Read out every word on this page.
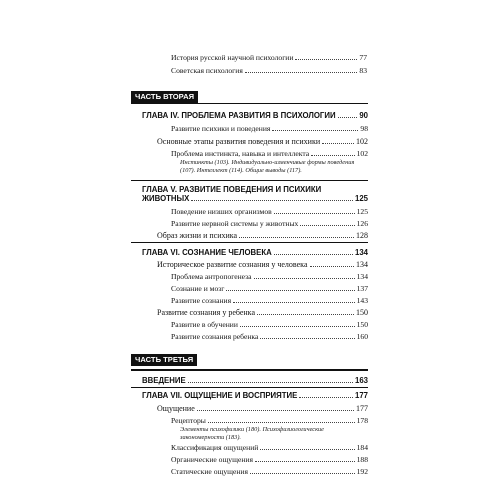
История русской научной психологии	77
Советская психология	83
ЧАСТЬ ВТОРАЯ
ГЛАВА IV. ПРОБЛЕМА РАЗВИТИЯ В ПСИХОЛОГИИ	90
Развитие психики и поведения	98
Основные этапы развития поведения и психики	102
Проблема инстинкта, навыка и интеллекта	102
Инстинкты (103). Индивидуально-изменчивые формы поведения (107). Интеллект (114). Общие выводы (117).
ГЛАВА V. РАЗВИТИЕ ПОВЕДЕНИЯ И ПСИХИКИ
ЖИВОТНЫХ	125
Поведение низших организмов	125
Развитие нервной системы у животных	126
Образ жизни и психика	128
ГЛАВА VI. СОЗНАНИЕ ЧЕЛОВЕКА	134
Историческое развитие сознания у человека	134
Проблема антропогенеза	134
Сознание и мозг	137
Развитие сознания	143
Развитие сознания у ребенка	150
Развитие в обучении	150
Развитие сознания ребенка	160
ЧАСТЬ ТРЕТЬЯ
ВВЕДЕНИЕ	163
ГЛАВА VII. ОЩУЩЕНИЕ И ВОСПРИЯТИЕ	177
Ощущение	177
Рецепторы	178
Элементы психофизики (180). Психофизиологические закономерности (183).
Классификация ощущений	184
Органические ощущения	188
Статические ощущения	192
